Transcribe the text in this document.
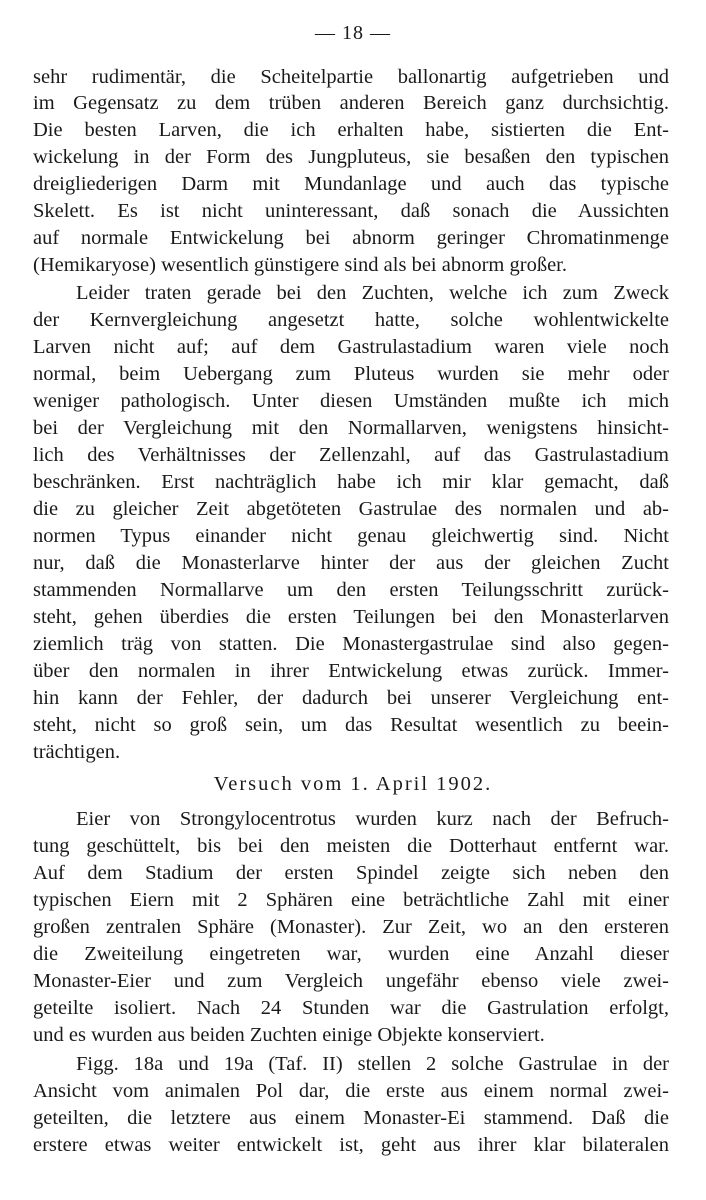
— 18 —
sehr rudimentär, die Scheitelpartie ballonartig aufgetrieben und
im Gegensatz zu dem trüben anderen Bereich ganz durchsichtig.
Die besten Larven, die ich erhalten habe, sistierten die Ent-
wickelung in der Form des Jungpluteus, sie besaßen den typischen
dreigliederigen Darm mit Mundanlage und auch das typische
Skelett. Es ist nicht uninteressant, daß sonach die Aussichten
auf normale Entwickelung bei abnorm geringer Chromatinmenge
(Hemikaryose) wesentlich günstigere sind als bei abnorm großer.
Leider traten gerade bei den Zuchten, welche ich zum Zweck
der Kernvergleichung angesetzt hatte, solche wohlentwickelte
Larven nicht auf; auf dem Gastrulastadium waren viele noch
normal, beim Uebergang zum Pluteus wurden sie mehr oder
weniger pathologisch. Unter diesen Umständen mußte ich mich
bei der Vergleichung mit den Normallarven, wenigstens hinsicht-
lich des Verhältnisses der Zellenzahl, auf das Gastrulastadium
beschränken. Erst nachträglich habe ich mir klar gemacht, daß
die zu gleicher Zeit abgetöteten Gastrulae des normalen und ab-
normen Typus einander nicht genau gleichwertig sind. Nicht
nur, daß die Monasterlarve hinter der aus der gleichen Zucht
stammenden Normallarve um den ersten Teilungsschritt zurück-
steht, gehen überdies die ersten Teilungen bei den Monasterlarven
ziemlich träg von statten. Die Monastergastrulae sind also gegen-
über den normalen in ihrer Entwickelung etwas zurück. Immer-
hin kann der Fehler, der dadurch bei unserer Vergleichung ent-
steht, nicht so groß sein, um das Resultat wesentlich zu beein-
trächtigen.
Versuch vom 1. April 1902.
Eier von Strongylocentrotus wurden kurz nach der Befruch-
tung geschüttelt, bis bei den meisten die Dotterhaut entfernt war.
Auf dem Stadium der ersten Spindel zeigte sich neben den
typischen Eiern mit 2 Sphären eine beträchtliche Zahl mit einer
großen zentralen Sphäre (Monaster). Zur Zeit, wo an den ersteren
die Zweiteilung eingetreten war, wurden eine Anzahl dieser
Monaster-Eier und zum Vergleich ungefähr ebenso viele zwei-
geteilte isoliert. Nach 24 Stunden war die Gastrulation erfolgt,
und es wurden aus beiden Zuchten einige Objekte konserviert.
Figg. 18a und 19a (Taf. II) stellen 2 solche Gastrulae in der
Ansicht vom animalen Pol dar, die erste aus einem normal zwei-
geteilten, die letztere aus einem Monaster-Ei stammend. Daß die
erstere etwas weiter entwickelt ist, geht aus ihrer klar bilateralen
